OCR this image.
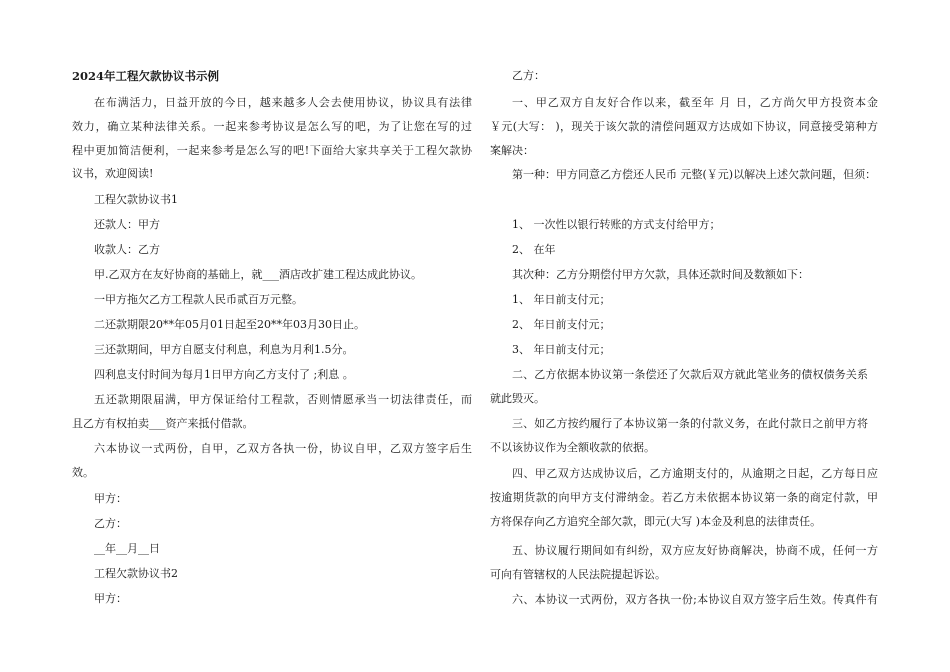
2024年工程欠款协议书示例
在布满活力，日益开放的今日，越来越多人会去使用协议，协议具有法律
效力，确立某种法律关系。一起来参考协议是怎么写的吧，为了让您在写的过
程中更加简洁便利，一起来参考是怎么写的吧!下面给大家共享关于工程欠款协
议书，欢迎阅读!
工程欠款协议书1
还款人：甲方
收款人：乙方
甲.乙双方在友好协商的基础上，就___酒店改扩建工程达成此协议。
一甲方拖欠乙方工程款人民币贰百万元整。
二还款期限20**年05月01日起至20**年03月30日止。
三还款期间，甲方自愿支付利息，利息为月利1.5分。
四利息支付时间为每月1日甲方向乙方支付了 ;利息 。
五还款期限届满，甲方保证给付工程款，否则情愿承当一切法律责任，而
且乙方有权拍卖___资产来抵付借款。
六本协议一式两份，自甲，乙双方各执一份，协议自甲，乙双方签字后生
效。
甲方：
乙方：
__年__月__日
工程欠款协议书2
甲方：
乙方：
一、甲乙双方自友好合作以来，截至年 月 日，乙方尚欠甲方投资本金
￥元(大写： )，现关于该欠款的清偿问题双方达成如下协议，同意接受第种方
案解决：
第一种：甲方同意乙方偿还人民币 元整(￥元)以解决上述欠款问题，但须：
1、 一次性以银行转账的方式支付给甲方；
2、 在年
其次种：乙方分期偿付甲方欠款，具体还款时间及数额如下：
1、 年日前支付元；
2、 年日前支付元；
3、 年日前支付元；
二、乙方依据本协议第一条偿还了欠款后双方就此笔业务的债权债务关系
就此毁灭。
三、如乙方按约履行了本协议第一条的付款义务，在此付款日之前甲方将
不以该协议作为全额收款的依据。
四、甲乙双方达成协议后，乙方逾期支付的，从逾期之日起，乙方每日应
按逾期货款的向甲方支付滞纳金。若乙方未依据本协议第一条的商定付款，甲
方将保存向乙方追究全部欠款，即元(大写 )本金及利息的法律责任。
五、协议履行期间如有纠纷，双方应友好协商解决，协商不成，任何一方
可向有管辖权的人民法院提起诉讼。
六、本协议一式两份，双方各执一份;本协议自双方签字后生效。传真件有
